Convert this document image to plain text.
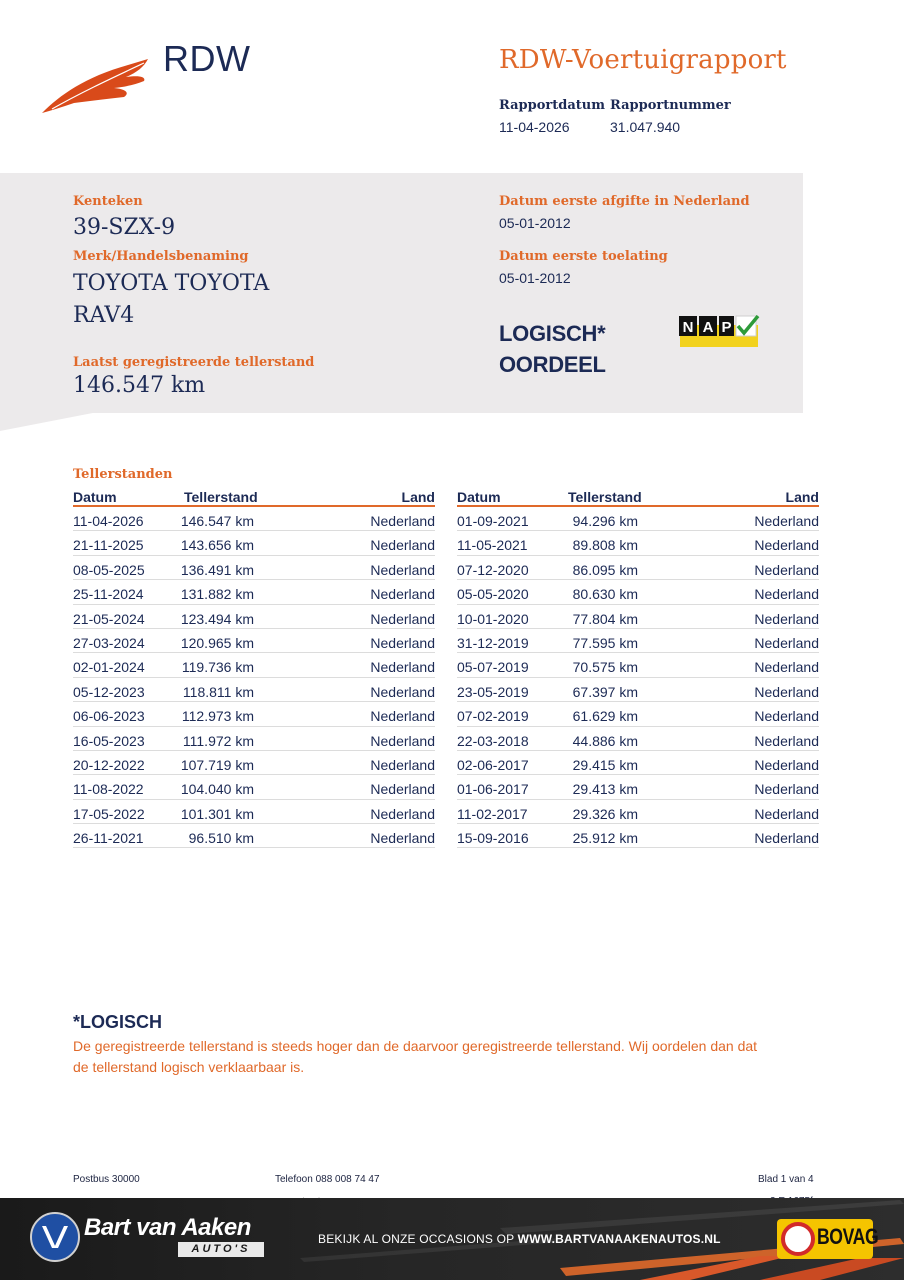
RDW	RDW-Voertuigrapport
Rapportdatum
11-04-2026
Rapportnummer
31.047.940
Kenteken
39-SZX-9
Merk/Handelsbenaming
TOYOTA TOYOTA
RAV4
Laatst geregistreerde tellerstand
146.547 km
Datum eerste afgifte in Nederland
05-01-2012
Datum eerste toelating
05-01-2012
LOGISCH*
OORDEEL
N A P
Tellerstanden
Datum	Tellerstand	Land
11-04-2026	146.547 km	Nederland
21-11-2025	143.656 km	Nederland
08-05-2025	136.491 km	Nederland
25-11-2024	131.882 km	Nederland
21-05-2024	123.494 km	Nederland
27-03-2024	120.965 km	Nederland
02-01-2024	119.736 km	Nederland
05-12-2023	118.811 km	Nederland
06-06-2023	112.973 km	Nederland
16-05-2023	111.972 km	Nederland
20-12-2022	107.719 km	Nederland
11-08-2022	104.040 km	Nederland
17-05-2022	101.301 km	Nederland
26-11-2021	96.510 km	Nederland
Datum	Tellerstand	Land
01-09-2021	94.296 km	Nederland
11-05-2021	89.808 km	Nederland
07-12-2020	86.095 km	Nederland
05-05-2020	80.630 km	Nederland
10-01-2020	77.804 km	Nederland
31-12-2019	77.595 km	Nederland
05-07-2019	70.575 km	Nederland
23-05-2019	67.397 km	Nederland
07-02-2019	61.629 km	Nederland
22-03-2018	44.886 km	Nederland
02-06-2017	29.415 km	Nederland
01-06-2017	29.413 km	Nederland
11-02-2017	29.326 km	Nederland
15-09-2016	25.912 km	Nederland
*LOGISCH
De geregistreerde tellerstand is steeds hoger dan de daarvoor geregistreerde tellerstand. Wij oordelen dan dat de tellerstand logisch verklaarbaar is.
Postbus 30000	Telefoon 088 008 74 47	Blad 1 van 4
Bart van Aaken
AUTO'S
BEKIJK AL ONZE OCCASIONS OP WWW.BARTVANAAKENAUTOS.NL	BOVAG
